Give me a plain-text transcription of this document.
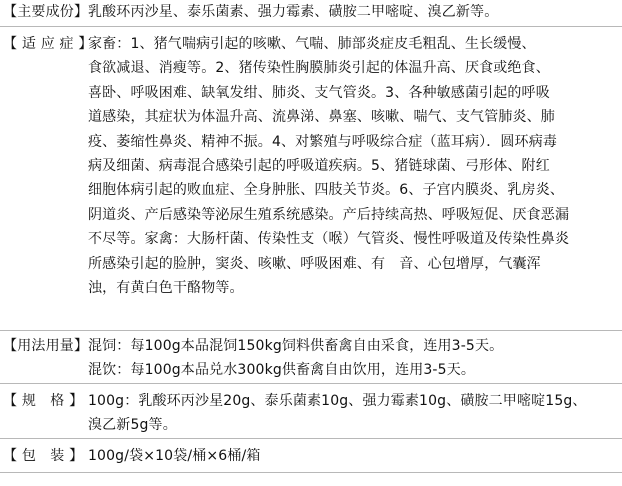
【主要成份】 乳酸环丙沙星、泰乐菌素、强力霉素、磺胺二甲嘧啶、溴乙新等。
【 适 应 症 】
家畜：1、猪气喘病引起的咳嗽、气喘、肺部炎症皮毛粗乱、生长缓慢、
食欲减退、消瘦等。2、猪传染性胸膜肺炎引起的体温升高、厌食或绝食、
喜卧、呼吸困难、缺氧发绀、肺炎、支气管炎。3、各种敏感菌引起的呼吸
道感染，其症状为体温升高、流鼻涕、鼻塞、咳嗽、喘气、支气管肺炎、肺
疫、萎缩性鼻炎、精神不振。4、对繁殖与呼吸综合症（蓝耳病）．圆环病毒
病及细菌、病毒混合感染引起的呼吸道疾病。5、猪链球菌、弓形体、附红
细胞体病引起的败血症、全身肿胀、四肢关节炎。6、子宫内膜炎、乳房炎、
阴道炎、产后感染等泌尿生殖系统感染。产后持续高热、呼吸短促、厌食恶漏
不尽等。家禽：大肠杆菌、传染性支（喉）气管炎、慢性呼吸道及传染性鼻炎
所感染引起的脸肿，窦炎、咳嗽、呼吸困难、有　音、心包增厚，气囊浑
浊，有黄白色干酪物等。
【用法用量】 混饲：每100g本品混饲150kg饲料供畜禽自由采食，连用3-5天。
混饮：每100g本品兑水300kg供畜禽自由饮用，连用3-5天。
【 规　格 】 100g：乳酸环丙沙星20g、泰乐菌素10g、强力霉素10g、磺胺二甲嘧啶15g、
溴乙新5g等。
【 包　装 】 100g/袋×10袋/桶×6桶/箱
